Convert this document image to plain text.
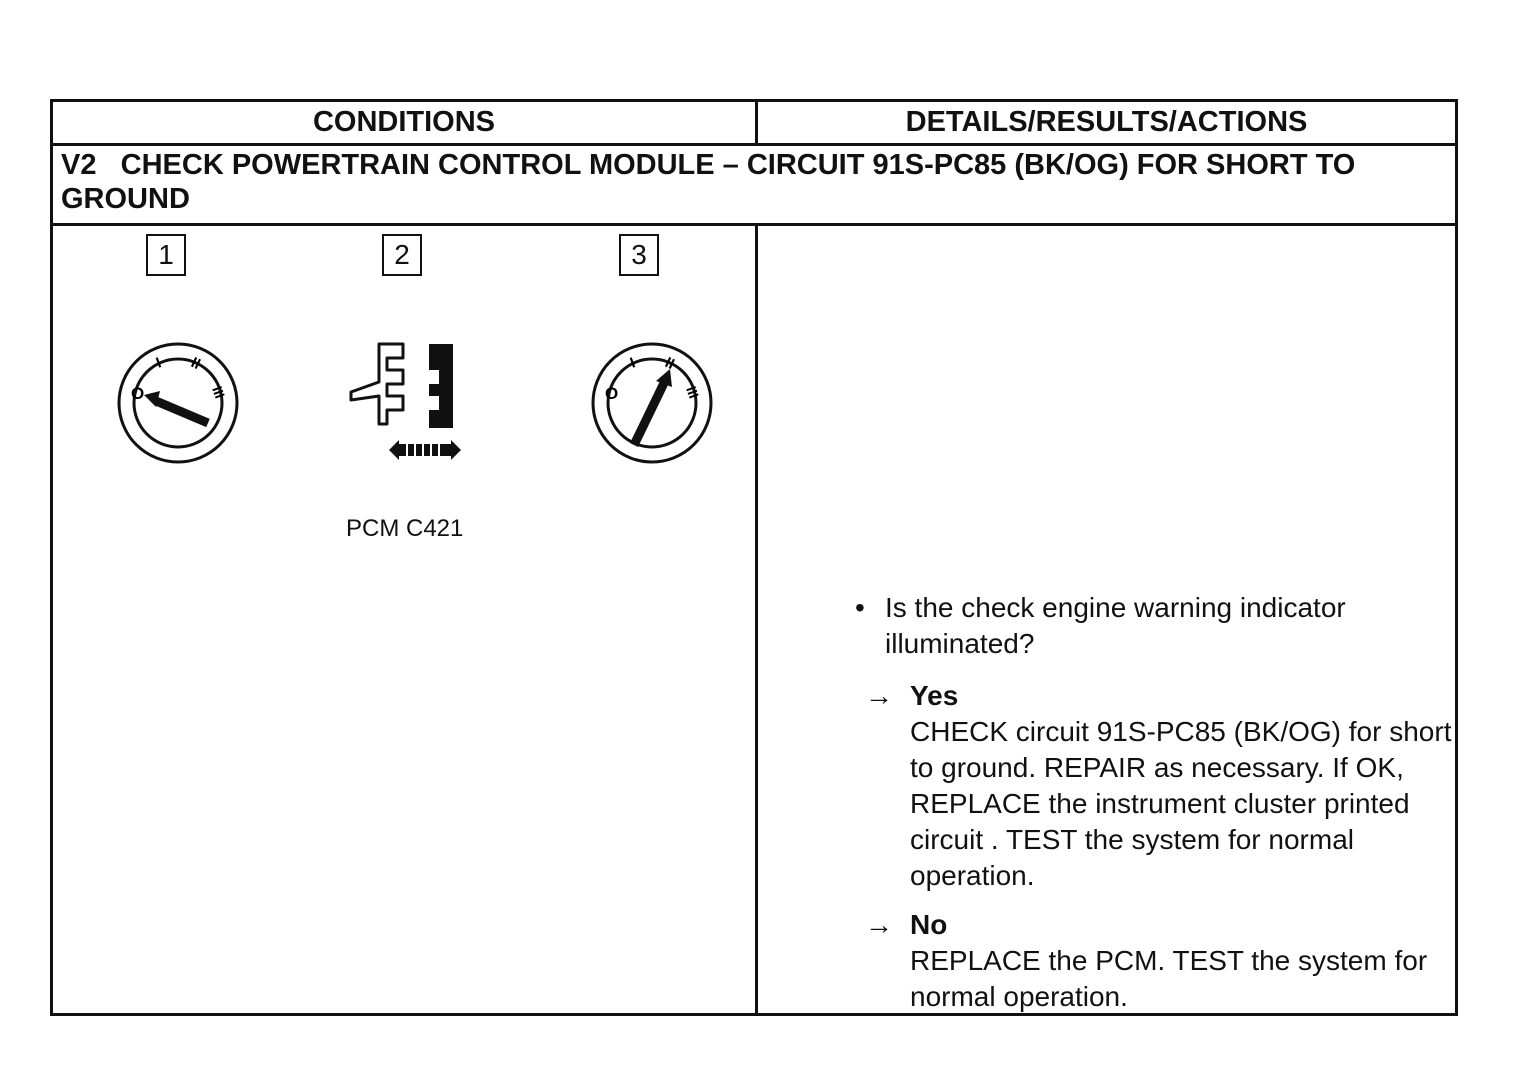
CONDITIONS	DETAILS/RESULTS/ACTIONS
V2 CHECK POWERTRAIN CONTROL MODULE – CIRCUIT 91S-PC85 (BK/OG) FOR SHORT TO
GROUND
1	2	3
O
I II
III
PCM C421
O
I II
III
• Is the check engine warning indicator illuminated?
→ Yes
CHECK circuit 91S-PC85 (BK/OG) for short to ground. REPAIR as necessary. If OK, REPLACE the instrument cluster printed circuit . TEST the system for normal operation.
→ No
REPLACE the PCM. TEST the system for normal operation.
